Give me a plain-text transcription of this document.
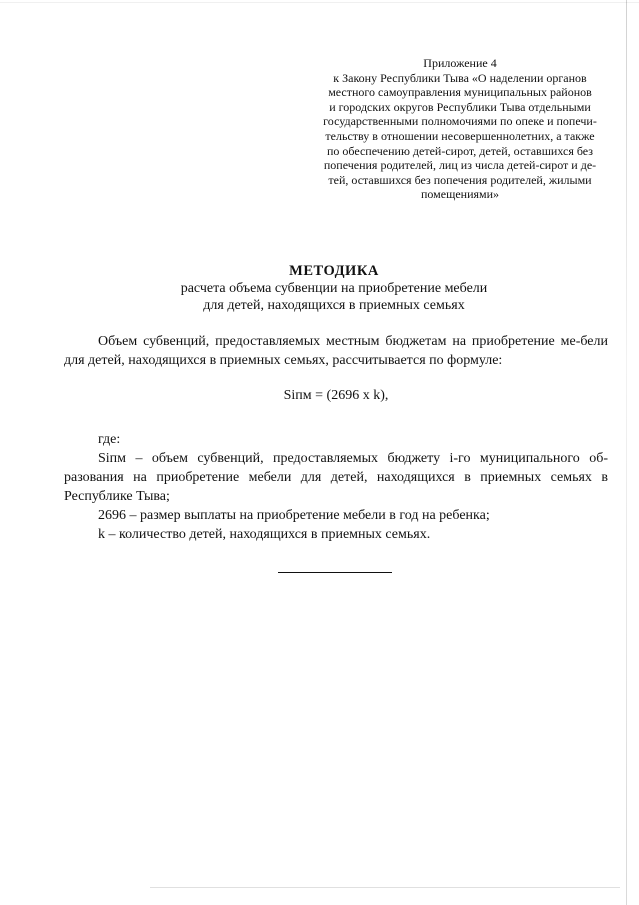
Приложение 4
к Закону Республики Тыва «О наделении органов
местного самоуправления муниципальных районов
и городских округов Республики Тыва отдельными
государственными полномочиями по опеке и попечи-
тельству в отношении несовершеннолетних, а также
по обеспечению детей-сирот, детей, оставшихся без
попечения родителей, лиц из числа детей-сирот и де-
тей, оставшихся без попечения родителей, жилыми
помещениями»
МЕТОДИКА
расчета объема субвенции на приобретение мебели
для детей, находящихся в приемных семьях
Объем субвенций, предоставляемых местным бюджетам на приобретение ме-бели для детей, находящихся в приемных семьях, рассчитывается по формуле:
Siпм = (2696 x k),
где:
Siпм – объем субвенций, предоставляемых бюджету i-го муниципального об-разования на приобретение мебели для детей, находящихся в приемных семьях в Республике Тыва;
2696 – размер выплаты на приобретение мебели в год на ребенка;
k – количество детей, находящихся в приемных семьях.
